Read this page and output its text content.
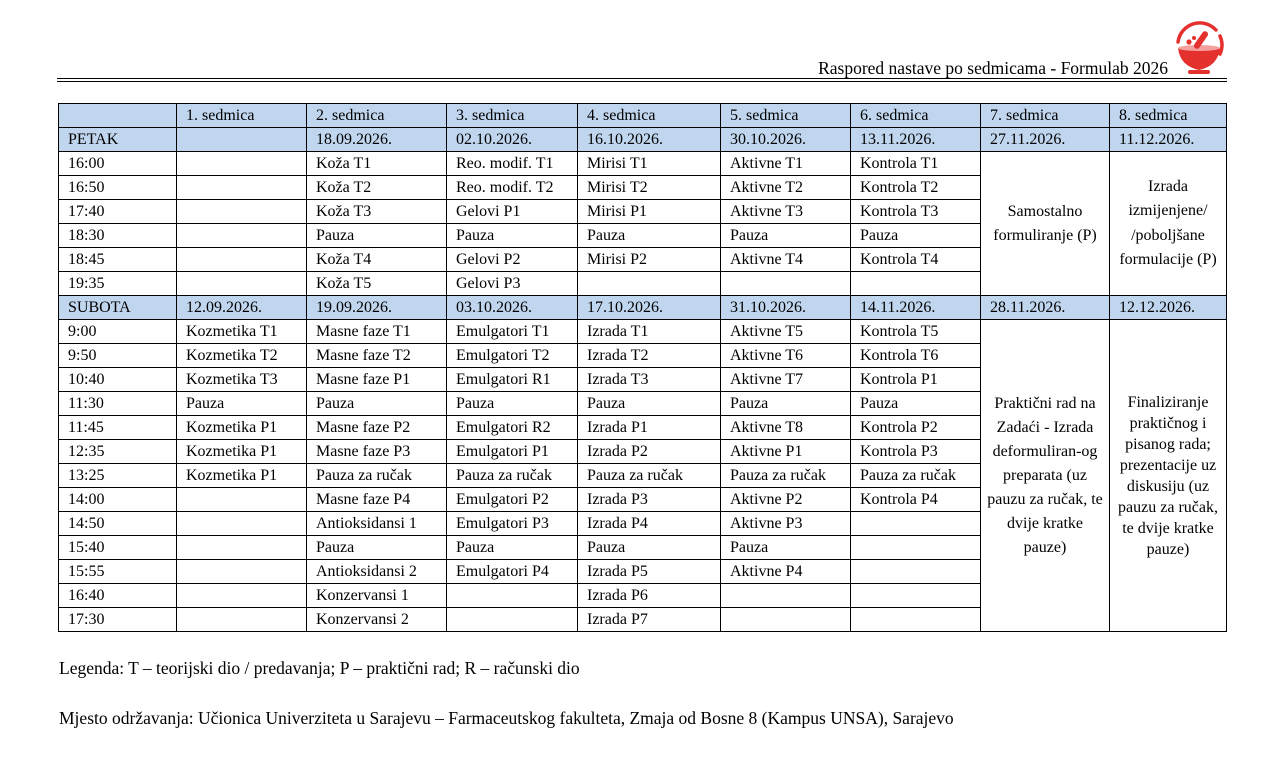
Raspored nastave po sedmicama - Formulab 2026
	1. sedmica	2. sedmica	3. sedmica	4. sedmica	5. sedmica	6. sedmica	7. sedmica	8. sedmica
PETAK		18.09.2026.	02.10.2026.	16.10.2026.	30.10.2026.	13.11.2026.	27.11.2026.	11.12.2026.
16:00		Koža T1	Reo. modif. T1	Mirisi T1	Aktivne T1	Kontrola T1	Samostalno formuliranje (P)	Izrada izmijenjene/ /poboljšane formulacije (P)
16:50		Koža T2	Reo. modif. T2	Mirisi T2	Aktivne T2	Kontrola T2		
17:40		Koža T3	Gelovi P1	Mirisi P1	Aktivne T3	Kontrola T3		
18:30		Pauza	Pauza	Pauza	Pauza	Pauza		
18:45		Koža T4	Gelovi P2	Mirisi P2	Aktivne T4	Kontrola T4		
19:35		Koža T5	Gelovi P3					
SUBOTA	12.09.2026.	19.09.2026.	03.10.2026.	17.10.2026.	31.10.2026.	14.11.2026.	28.11.2026.	12.12.2026.
9:00	Kozmetika T1	Masne faze T1	Emulgatori T1	Izrada T1	Aktivne T5	Kontrola T5	Praktični rad na Zadaći - Izrada deformuliran-og preparata (uz pauzu za ručak, te dvije kratke pauze)	Finaliziranje praktičnog i pisanog rada; prezentacije uz diskusiju (uz pauzu za ručak, te dvije kratke pauze)
9:50	Kozmetika T2	Masne faze T2	Emulgatori T2	Izrada T2	Aktivne T6	Kontrola T6		
10:40	Kozmetika T3	Masne faze P1	Emulgatori R1	Izrada T3	Aktivne T7	Kontrola P1		
11:30	Pauza	Pauza	Pauza	Pauza	Pauza	Pauza		
11:45	Kozmetika P1	Masne faze P2	Emulgatori R2	Izrada P1	Aktivne T8	Kontrola P2		
12:35	Kozmetika P1	Masne faze P3	Emulgatori P1	Izrada P2	Aktivne P1	Kontrola P3		
13:25	Kozmetika P1	Pauza za ručak	Pauza za ručak	Pauza za ručak	Pauza za ručak	Pauza za ručak		
14:00		Masne faze P4	Emulgatori P2	Izrada P3	Aktivne P2	Kontrola P4		
14:50		Antioksidansi 1	Emulgatori P3	Izrada P4	Aktivne P3			
15:40		Pauza	Pauza	Pauza	Pauza			
15:55		Antioksidansi 2	Emulgatori P4	Izrada P5	Aktivne P4			
16:40		Konzervansi 1		Izrada P6				
17:30		Konzervansi 2		Izrada P7				
Legenda: T – teorijski dio / predavanja; P – praktični rad; R – računski dio
Mjesto održavanja: Učionica Univerziteta u Sarajevu – Farmaceutskog fakulteta, Zmaja od Bosne 8 (Kampus UNSA), Sarajevo
